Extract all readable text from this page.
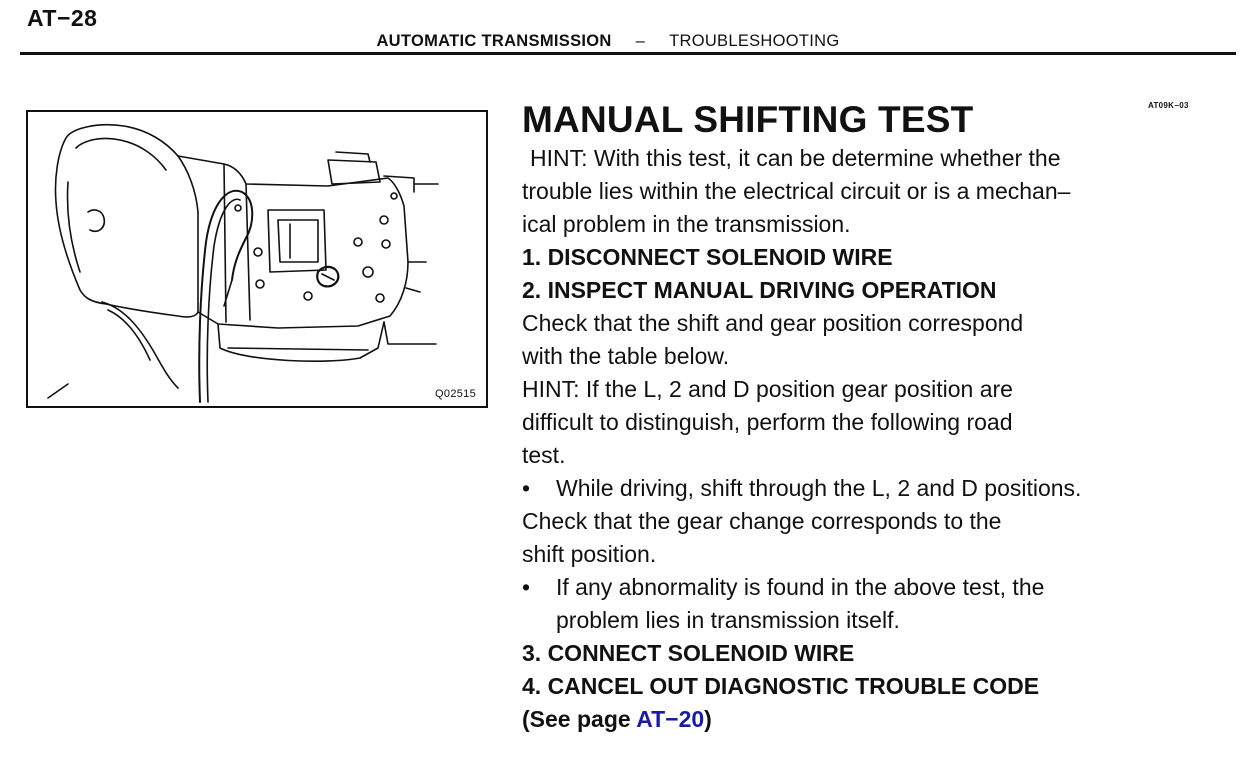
AT−28
AUTOMATIC TRANSMISSION – TROUBLESHOOTING
Q02515
AT09K−03
MANUAL SHIFTING TEST
HINT: With this test, it can be determine whether the
trouble lies within the electrical circuit or is a mechan–
ical problem in the transmission.
1. DISCONNECT SOLENOID WIRE
2. INSPECT MANUAL DRIVING OPERATION
Check that the shift and gear position correspond
with the table below.
HINT: If the L, 2 and D position gear position are
difficult to distinguish, perform the following road
test.
• While driving, shift through the L, 2 and D positions.
Check that the gear change corresponds to the
shift position.
• If any abnormality is found in the above test, the
problem lies in transmission itself.
3. CONNECT SOLENOID WIRE
4. CANCEL OUT DIAGNOSTIC TROUBLE CODE
(See page AT−20)
